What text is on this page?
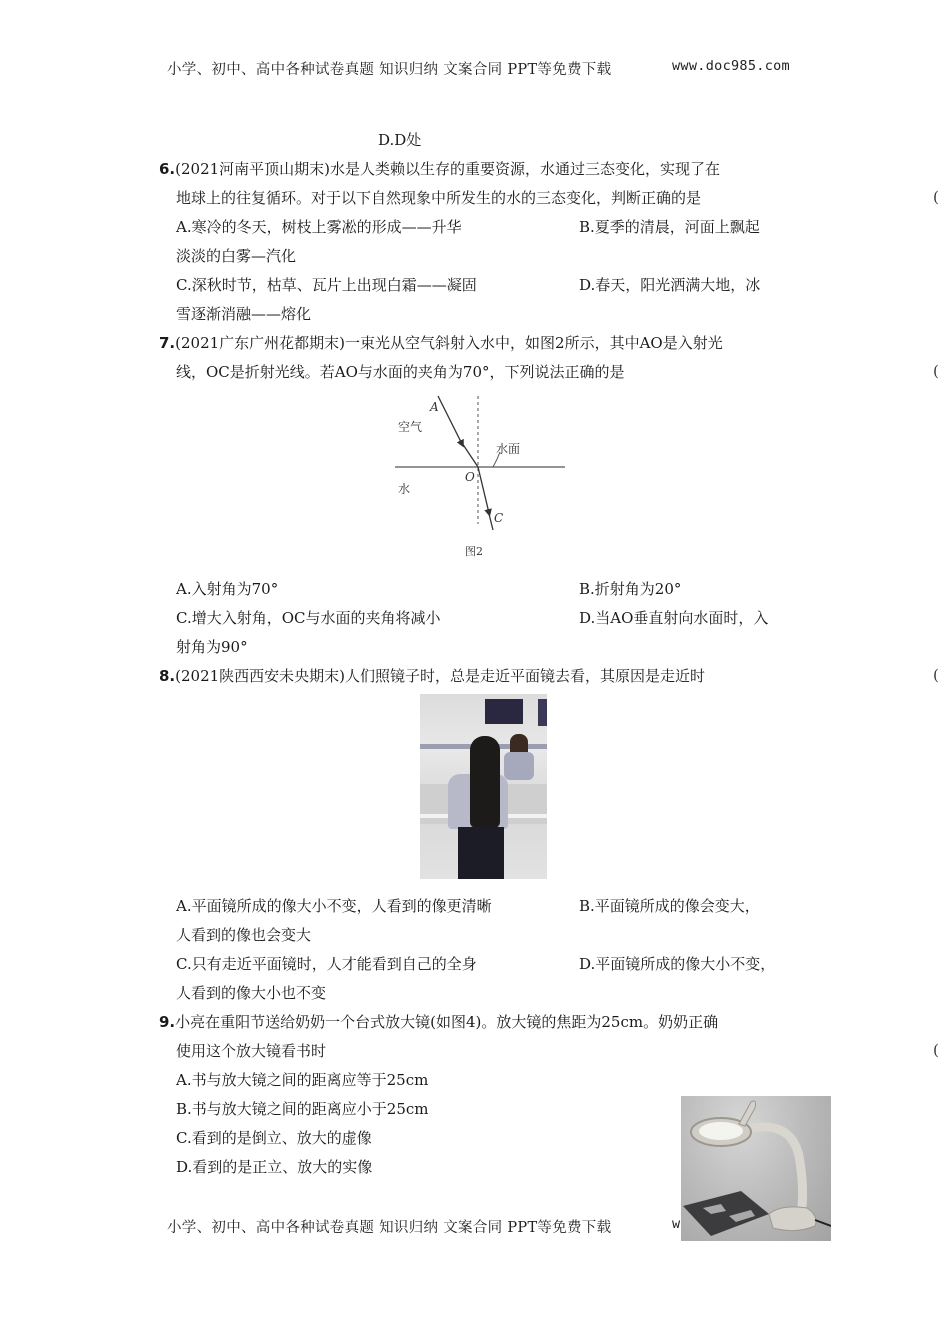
小学、初中、高中各种试卷真题 知识归纳 文案合同 PPT等免费下载	www.doc985.com
D.D处
6.(2021河南平顶山期末)水是人类赖以生存的重要资源，水通过三态变化，实现了在
地球上的往复循环。对于以下自然现象中所发生的水的三态变化，判断正确的是	(
A.寒冷的冬天，树枝上雾凇的形成——升华	B.夏季的清晨，河面上飘起
淡淡的白雾—汽化
C.深秋时节，枯草、瓦片上出现白霜——凝固	D.春天，阳光洒满大地，冰
雪逐渐消融——熔化
7.(2021广东广州花都期末)一束光从空气斜射入水中，如图2所示，其中AO是入射光
线，OC是折射光线。若AO与水面的夹角为70°，下列说法正确的是	(
A
空气
水面
O
水
C
图2
A.入射角为70°	B.折射角为20°
C.增大入射角，OC与水面的夹角将减小	D.当AO垂直射向水面时，入
射角为90°
8.(2021陕西西安未央期末)人们照镜子时，总是走近平面镜去看，其原因是走近时	(
A.平面镜所成的像大小不变，人看到的像更清晰	B.平面镜所成的像会变大，
人看到的像也会变大
C.只有走近平面镜时，人才能看到自己的全身	D.平面镜所成的像大小不变，
人看到的像大小也不变
9.小亮在重阳节送给奶奶一个台式放大镜(如图4)。放大镜的焦距为25cm。奶奶正确
使用这个放大镜看书时	(
A.书与放大镜之间的距离应等于25cm
B.书与放大镜之间的距离应小于25cm
C.看到的是倒立、放大的虚像
D.看到的是正立、放大的实像
小学、初中、高中各种试卷真题 知识归纳 文案合同 PPT等免费下载	w
